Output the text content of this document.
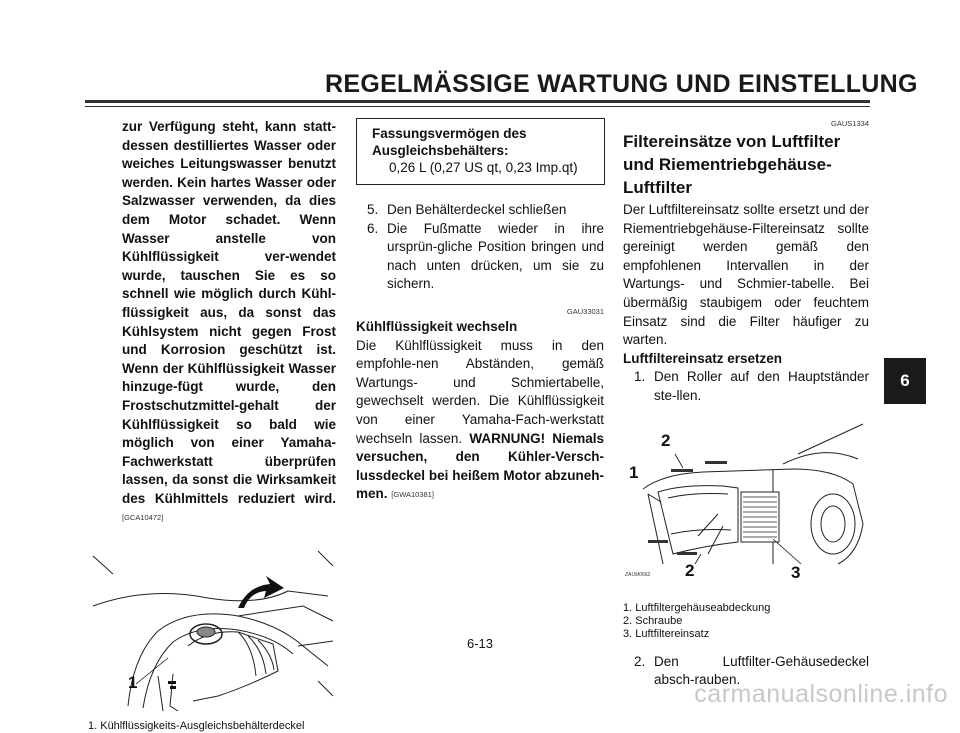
REGELMÄSSIGE WARTUNG UND EINSTELLUNG

zur Verfügung steht, kann statt-dessen destilliertes Wasser oder weiches Leitungswasser benutzt werden. Kein hartes Wasser oder Salzwasser verwenden, da dies dem Motor schadet. Wenn Wasser anstelle von Kühlflüssigkeit ver-wendet wurde, tauschen Sie es so schnell wie möglich durch Kühl-flüssigkeit aus, da sonst das Kühlsystem nicht gegen Frost und Korrosion geschützt ist. Wenn der Kühlflüssigkeit Wasser hinzuge-fügt wurde, den Frostschutzmittel-gehalt der Kühlflüssigkeit so bald wie möglich von einer Yamaha-Fachwerkstatt überprüfen lassen, da sonst die Wirksamkeit des Kühlmittels reduziert wird. [GCA10472]

1

1. Kühlflüssigkeits-Ausgleichsbehälterdeckel

Fassungsvermögen des Ausgleichsbehälters:

0,26 L (0,27 US qt, 0,23 Imp.qt)

5. Den Behälterdeckel schließen
6. Die Fußmatte wieder in ihre ursprün-gliche Position bringen und nach unten drücken, um sie zu sichern.

GAU33031

Kühlflüssigkeit wechseln

Die Kühlflüssigkeit muss in den empfohle-nen Abständen, gemäß Wartungs- und Schmiertabelle, gewechselt werden. Die Kühlflüssigkeit von einer Yamaha-Fach-werkstatt wechseln lassen. WARNUNG! Niemals versuchen, den Kühler-Versch-lussdeckel bei heißem Motor abzuneh-men. [GWA10381]

GAUS1334

Filtereinsätze von Luftfilter und Riementriebgehäuse-Luftfilter

Der Luftfiltereinsatz sollte ersetzt und der Riementriebgehäuse-Filtereinsatz sollte gereinigt werden gemäß den empfohlenen Intervallen in der Wartungs- und Schmier-tabelle. Bei übermäßig staubigem oder feuchtem Einsatz sind die Filter häufiger zu warten.

Luftfiltereinsatz ersetzen

1. Den Roller auf den Hauptständer ste-llen.
2
1
2	3
ZAUM0662

1. Luftfiltergehäuseabdeckung

2. Schraube

3. Luftfiltereinsatz

2. Den Luftfilter-Gehäusedeckel absch-rauben.
6-13
6
carmanualsonline.info
